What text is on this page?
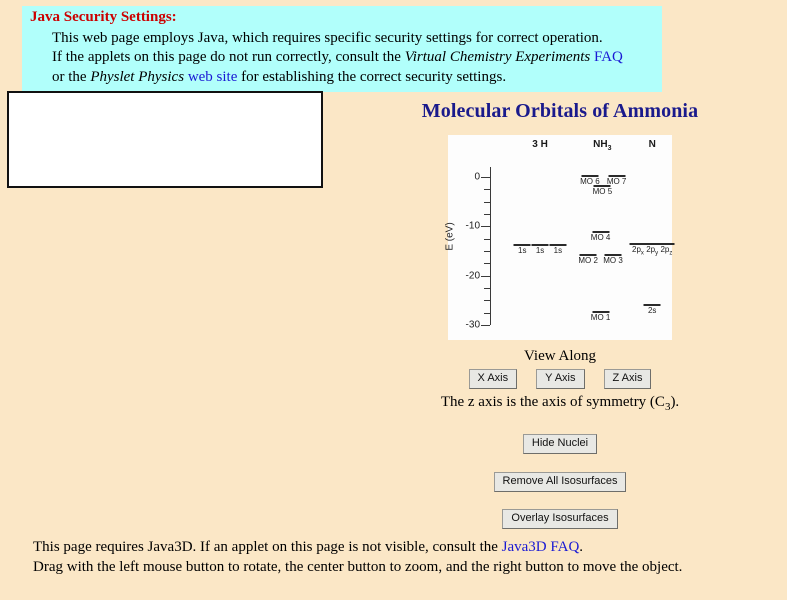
Java Security Settings:
This web page employs Java, which requires specific security settings for correct operation.
If the applets on this page do not run correctly, consult the Virtual Chemistry Experiments FAQ
or the Physlet Physics web site for establishing the correct security settings.
Molecular Orbitals of Ammonia
E (eV)
3 H	$NH_3$	N
0
-10
-20
-30
1s 1s 1s
MO 1
MO 2 MO 3
MO 4
MO 5
MO 6 MO 7
$2p_x$ $2p_y$ $2p_z$
2s
View Along
X Axis	Y Axis	Z Axis
The z axis is the axis of symmetry $(C_3)$.
Hide Nuclei
Remove All Isosurfaces
Overlay Isosurfaces
This page requires Java3D. If an applet on this page is not visible, consult the Java3D FAQ.
Drag with the left mouse button to rotate, the center button to zoom, and the right button to move the object.
